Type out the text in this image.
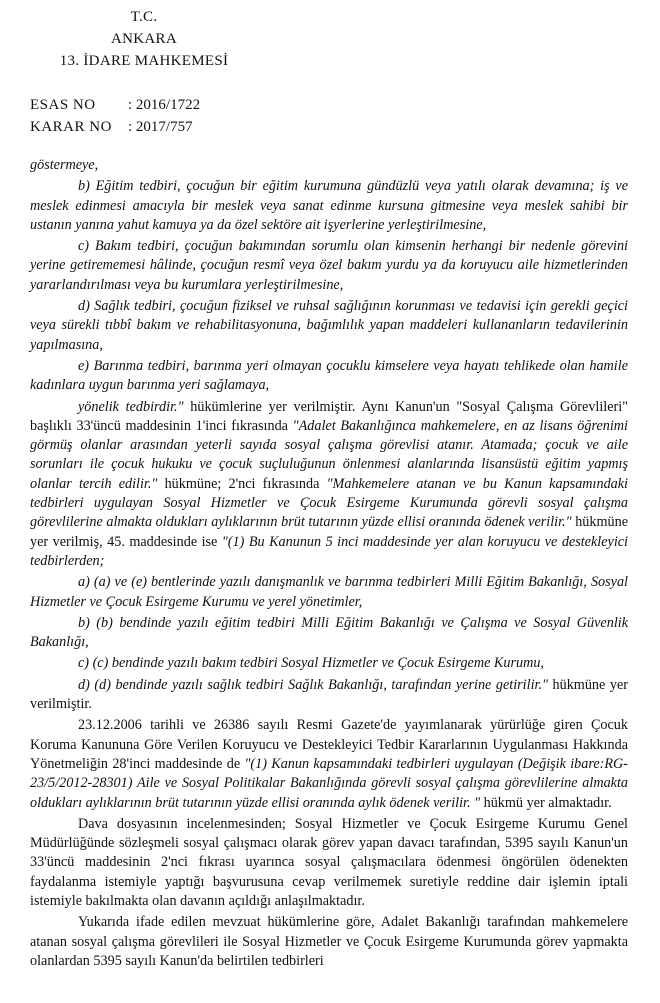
T.C.
ANKARA
13. İDARE MAHKEMESİ
ESAS NO	: 2016/1722
KARAR NO	: 2017/757

göstermeye,

b) Eğitim tedbiri, çocuğun bir eğitim kurumuna gündüzlü veya yatılı olarak devamına; iş ve meslek edinmesi amacıyla bir meslek veya sanat edinme kursuna gitmesine veya meslek sahibi bir ustanın yanına yahut kamuya ya da özel sektöre ait işyerlerine yerleştirilmesine,

c) Bakım tedbiri, çocuğun bakımından sorumlu olan kimsenin herhangi bir nedenle görevini yerine getirememesi hâlinde, çocuğun resmî veya özel bakım yurdu ya da koruyucu aile hizmetlerinden yararlandırılması veya bu kurumlara yerleştirilmesine,

d) Sağlık tedbiri, çocuğun fiziksel ve ruhsal sağlığının korunması ve tedavisi için gerekli geçici veya sürekli tıbbî bakım ve rehabilitasyonuna, bağımlılık yapan maddeleri kullananların tedavilerinin yapılmasına,

e) Barınma tedbiri, barınma yeri olmayan çocuklu kimselere veya hayatı tehlikede olan hamile kadınlara uygun barınma yeri sağlamaya,

yönelik tedbirdir." hükümlerine yer verilmiştir. Aynı Kanun'un "Sosyal Çalışma Görevlileri" başlıklı 33'üncü maddesinin 1'inci fıkrasında "Adalet Bakanlığınca mahkemelere, en az lisans öğrenimi görmüş olanlar arasından yeterli sayıda sosyal çalışma görevlisi atanır. Atamada; çocuk ve aile sorunları ile çocuk hukuku ve çocuk suçluluğunun önlenmesi alanlarında lisansüstü eğitim yapmış olanlar tercih edilir." hükmüne; 2'nci fıkrasında "Mahkemelere atanan ve bu Kanun kapsamındaki tedbirleri uygulayan Sosyal Hizmetler ve Çocuk Esirgeme Kurumunda görevli sosyal çalışma görevlilerine almakta oldukları aylıklarının brüt tutarının yüzde ellisi oranında ödenek verilir." hükmüne yer verilmiş, 45. maddesinde ise "(1) Bu Kanunun 5 inci maddesinde yer alan koruyucu ve destekleyici tedbirlerden;

a) (a) ve (e) bentlerinde yazılı danışmanlık ve barınma tedbirleri Milli Eğitim Bakanlığı, Sosyal Hizmetler ve Çocuk Esirgeme Kurumu ve yerel yönetimler,

b) (b) bendinde yazılı eğitim tedbiri Milli Eğitim Bakanlığı ve Çalışma ve Sosyal Güvenlik Bakanlığı,

c) (c) bendinde yazılı bakım tedbiri Sosyal Hizmetler ve Çocuk Esirgeme Kurumu,

d) (d) bendinde yazılı sağlık tedbiri Sağlık Bakanlığı, tarafından yerine getirilir." hükmüne yer verilmiştir.

23.12.2006 tarihli ve 26386 sayılı Resmi Gazete'de yayımlanarak yürürlüğe giren Çocuk Koruma Kanununa Göre Verilen Koruyucu ve Destekleyici Tedbir Kararlarının Uygulanması Hakkında Yönetmeliğin 28'inci maddesinde de "(1) Kanun kapsamındaki tedbirleri uygulayan (Değişik ibare:RG-23/5/2012-28301) Aile ve Sosyal Politikalar Bakanlığında görevli sosyal çalışma görevlilerine almakta oldukları aylıklarının brüt tutarının yüzde ellisi oranında aylık ödenek verilir. " hükmü yer almaktadır.

Dava dosyasının incelenmesinden; Sosyal Hizmetler ve Çocuk Esirgeme Kurumu Genel Müdürlüğünde sözleşmeli sosyal çalışmacı olarak görev yapan davacı tarafından, 5395 sayılı Kanun'un 33'üncü maddesinin 2'nci fıkrası uyarınca sosyal çalışmacılara ödenmesi öngörülen ödenekten faydalanma istemiyle yaptığı başvurusuna cevap verilmemek suretiyle reddine dair işlemin iptali istemiyle bakılmakta olan davanın açıldığı anlaşılmaktadır.

Yukarıda ifade edilen mevzuat hükümlerine göre, Adalet Bakanlığı tarafından mahkemelere atanan sosyal çalışma görevlileri ile Sosyal Hizmetler ve Çocuk Esirgeme Kurumunda görev yapmakta olanlardan 5395 sayılı Kanun'da belirtilen tedbirleri
